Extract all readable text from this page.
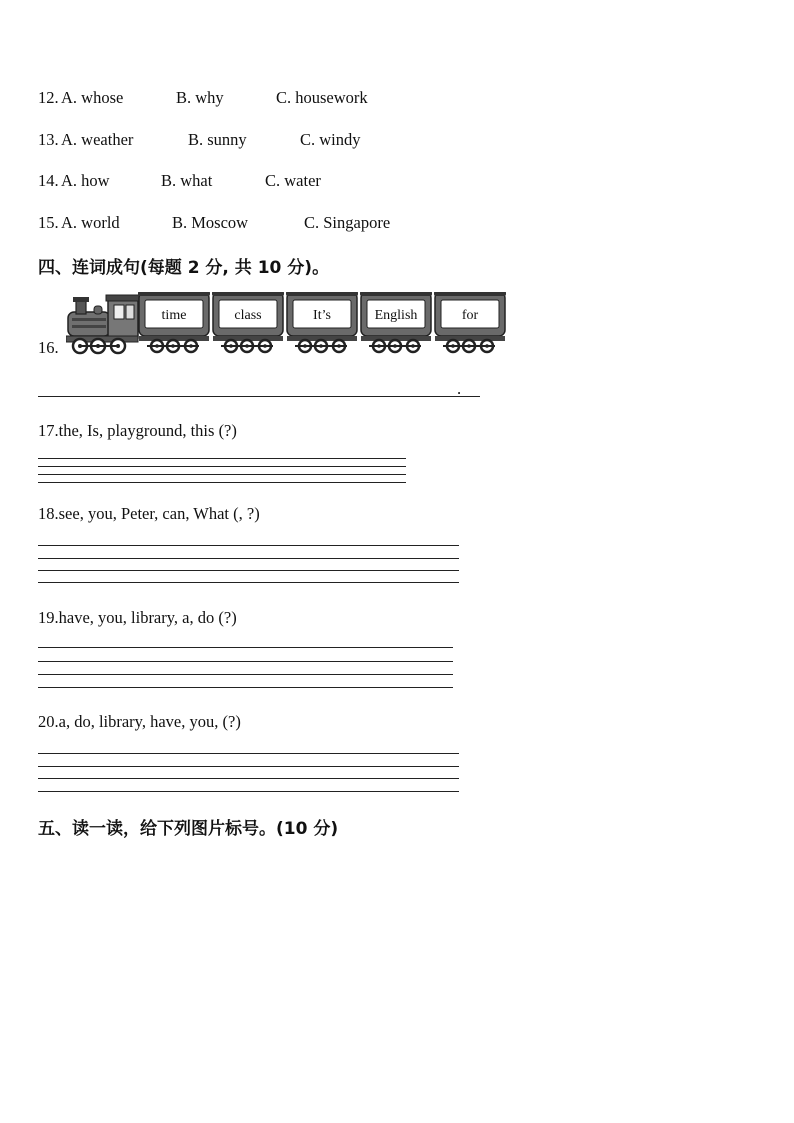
12. A. whose	B. why	C. housework
13. A. weather	B. sunny	C. windy
14. A. how	B. what	C. water
15. A. world	B. Moscow	C. Singapore
四、连词成句(每题 2 分, 共 10 分)。
16.
time	class	It’s	English	for
.
17.the, Is, playground, this (?)
18.see, you, Peter, can, What (, ?)
19.have, you, library, a, do (?)
20.a, do, library, have, you, (?)
五、读一读，给下列图片标号。(10 分)
